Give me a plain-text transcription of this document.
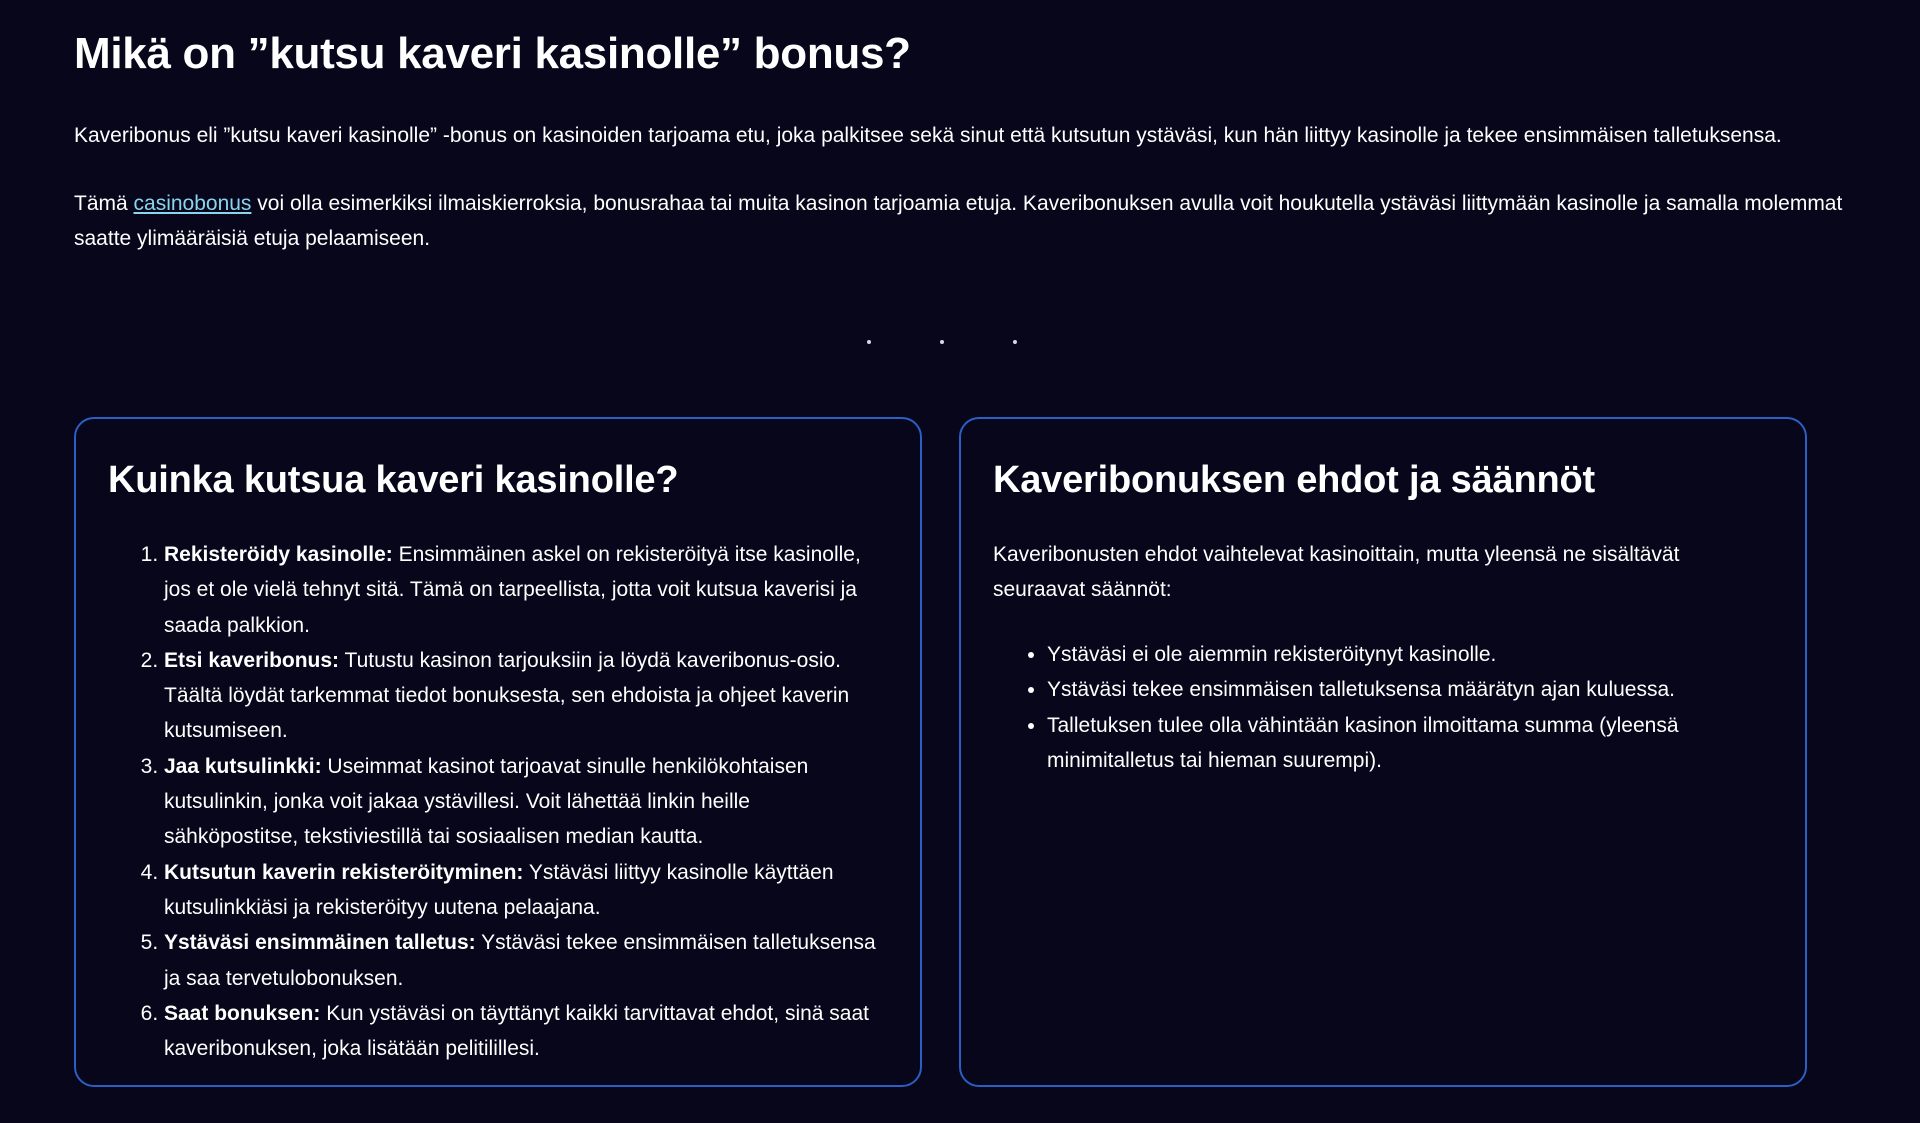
Mikä on ”kutsu kaveri kasinolle” bonus?

Kaveribonus eli ”kutsu kaveri kasinolle” -bonus on kasinoiden tarjoama etu, joka palkitsee sekä sinut että kutsutun ystäväsi, kun hän liittyy kasinolle ja tekee ensimmäisen talletuksensa.

Tämä casinobonus voi olla esimerkiksi ilmaiskierroksia, bonusrahaa tai muita kasinon tarjoamia etuja. Kaveribonuksen avulla voit houkutella ystäväsi liittymään kasinolle ja samalla molemmat saatte ylimääräisiä etuja pelaamiseen.

Kuinka kutsua kaveri kasinolle?
1. Rekisteröidy kasinolle: Ensimmäinen askel on rekisteröityä itse kasinolle, jos et ole vielä tehnyt sitä. Tämä on tarpeellista, jotta voit kutsua kaverisi ja saada palkkion.
2. Etsi kaveribonus: Tutustu kasinon tarjouksiin ja löydä kaveribonus-osio. Täältä löydät tarkemmat tiedot bonuksesta, sen ehdoista ja ohjeet kaverin kutsumiseen.
3. Jaa kutsulinkki: Useimmat kasinot tarjoavat sinulle henkilökohtaisen kutsulinkin, jonka voit jakaa ystävillesi. Voit lähettää linkin heille sähköpostitse, tekstiviestillä tai sosiaalisen median kautta.
4. Kutsutun kaverin rekisteröityminen: Ystäväsi liittyy kasinolle käyttäen kutsulinkkiäsi ja rekisteröityy uutena pelaajana.
5. Ystäväsi ensimmäinen talletus: Ystäväsi tekee ensimmäisen talletuksensa ja saa tervetulobonuksen.
6. Saat bonuksen: Kun ystäväsi on täyttänyt kaikki tarvittavat ehdot, sinä saat kaveribonuksen, joka lisätään pelitilillesi.
Kaveribonuksen ehdot ja säännöt

Kaveribonusten ehdot vaihtelevat kasinoittain, mutta yleensä ne sisältävät seuraavat säännöt:

• Ystäväsi ei ole aiemmin rekisteröitynyt kasinolle.
• Ystäväsi tekee ensimmäisen talletuksensa määrätyn ajan kuluessa.
• Talletuksen tulee olla vähintään kasinon ilmoittama summa (yleensä minimitalletus tai hieman suurempi).
